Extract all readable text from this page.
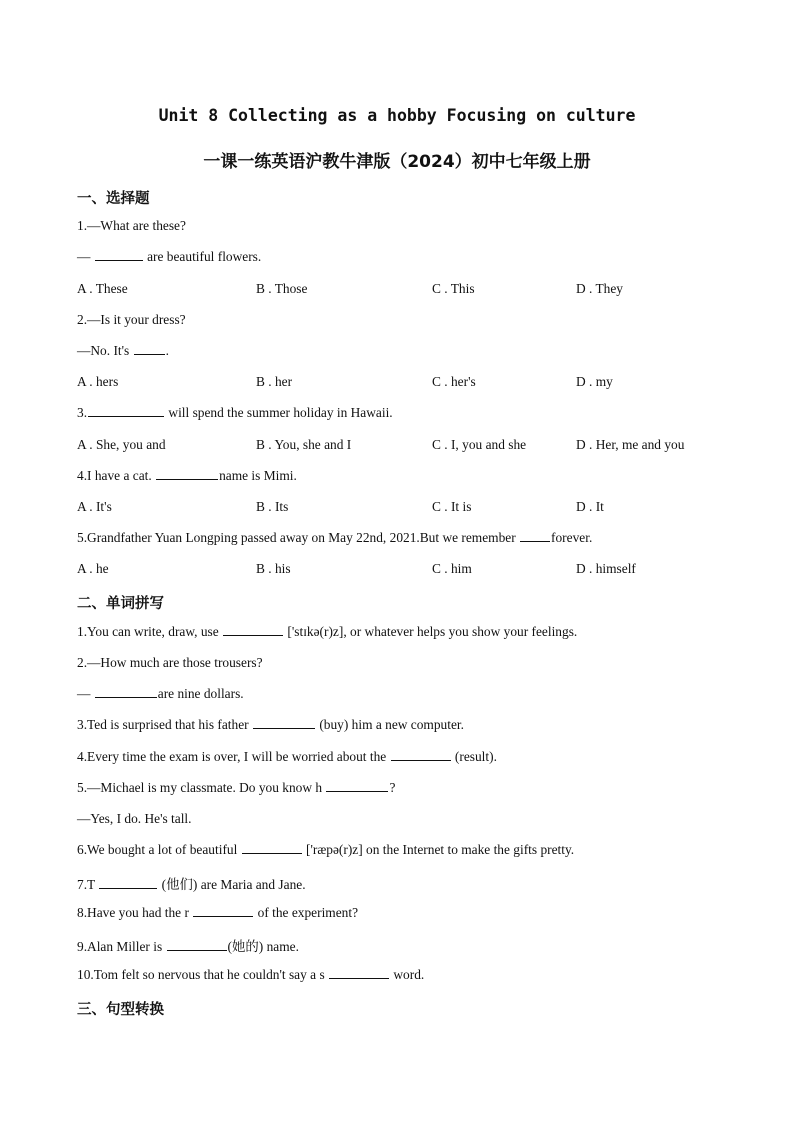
Unit 8 Collecting as a hobby Focusing on culture
一课一练英语沪教牛津版（2024）初中七年级上册
一、选择题
1.—What are these?
—	are beautiful flowers.
A . These	B . Those	C . This	D . They
2.—Is it your dress?
—No. It's .
A . hers	B . her	C . her's	D . my
3.	will spend the summer holiday in Hawaii.
A . She, you and	B . You, she and I	C . I, you and she	D . Her, me and you
4.I have a cat.	name is Mimi.
A . It's	B . Its	C . It is	D . It
5.Grandfather Yuan Longping passed away on May 22nd, 2021.But we remember forever.
A . he	B . his	C . him	D . himself
二、单词拼写
1.You can write, draw, use	['stɪkə(r)z], or whatever helps you show your feelings.
2.—How much are those trousers?
—	are nine dollars.
3.Ted is surprised that his father	(buy) him a new computer.
4.Every time the exam is over, I will be worried about the	(result).
5.—Michael is my classmate. Do you know h	?
—Yes, I do. He's tall.
6.We bought a lot of beautiful	['ræpə(r)z] on the Internet to make the gifts pretty.
7.T	(他们) are Maria and Jane.
8.Have you had the r	of the experiment?
9.Alan Miller is	(她的) name.
10.Tom felt so nervous that he couldn't say a s	word.
三、句型转换
